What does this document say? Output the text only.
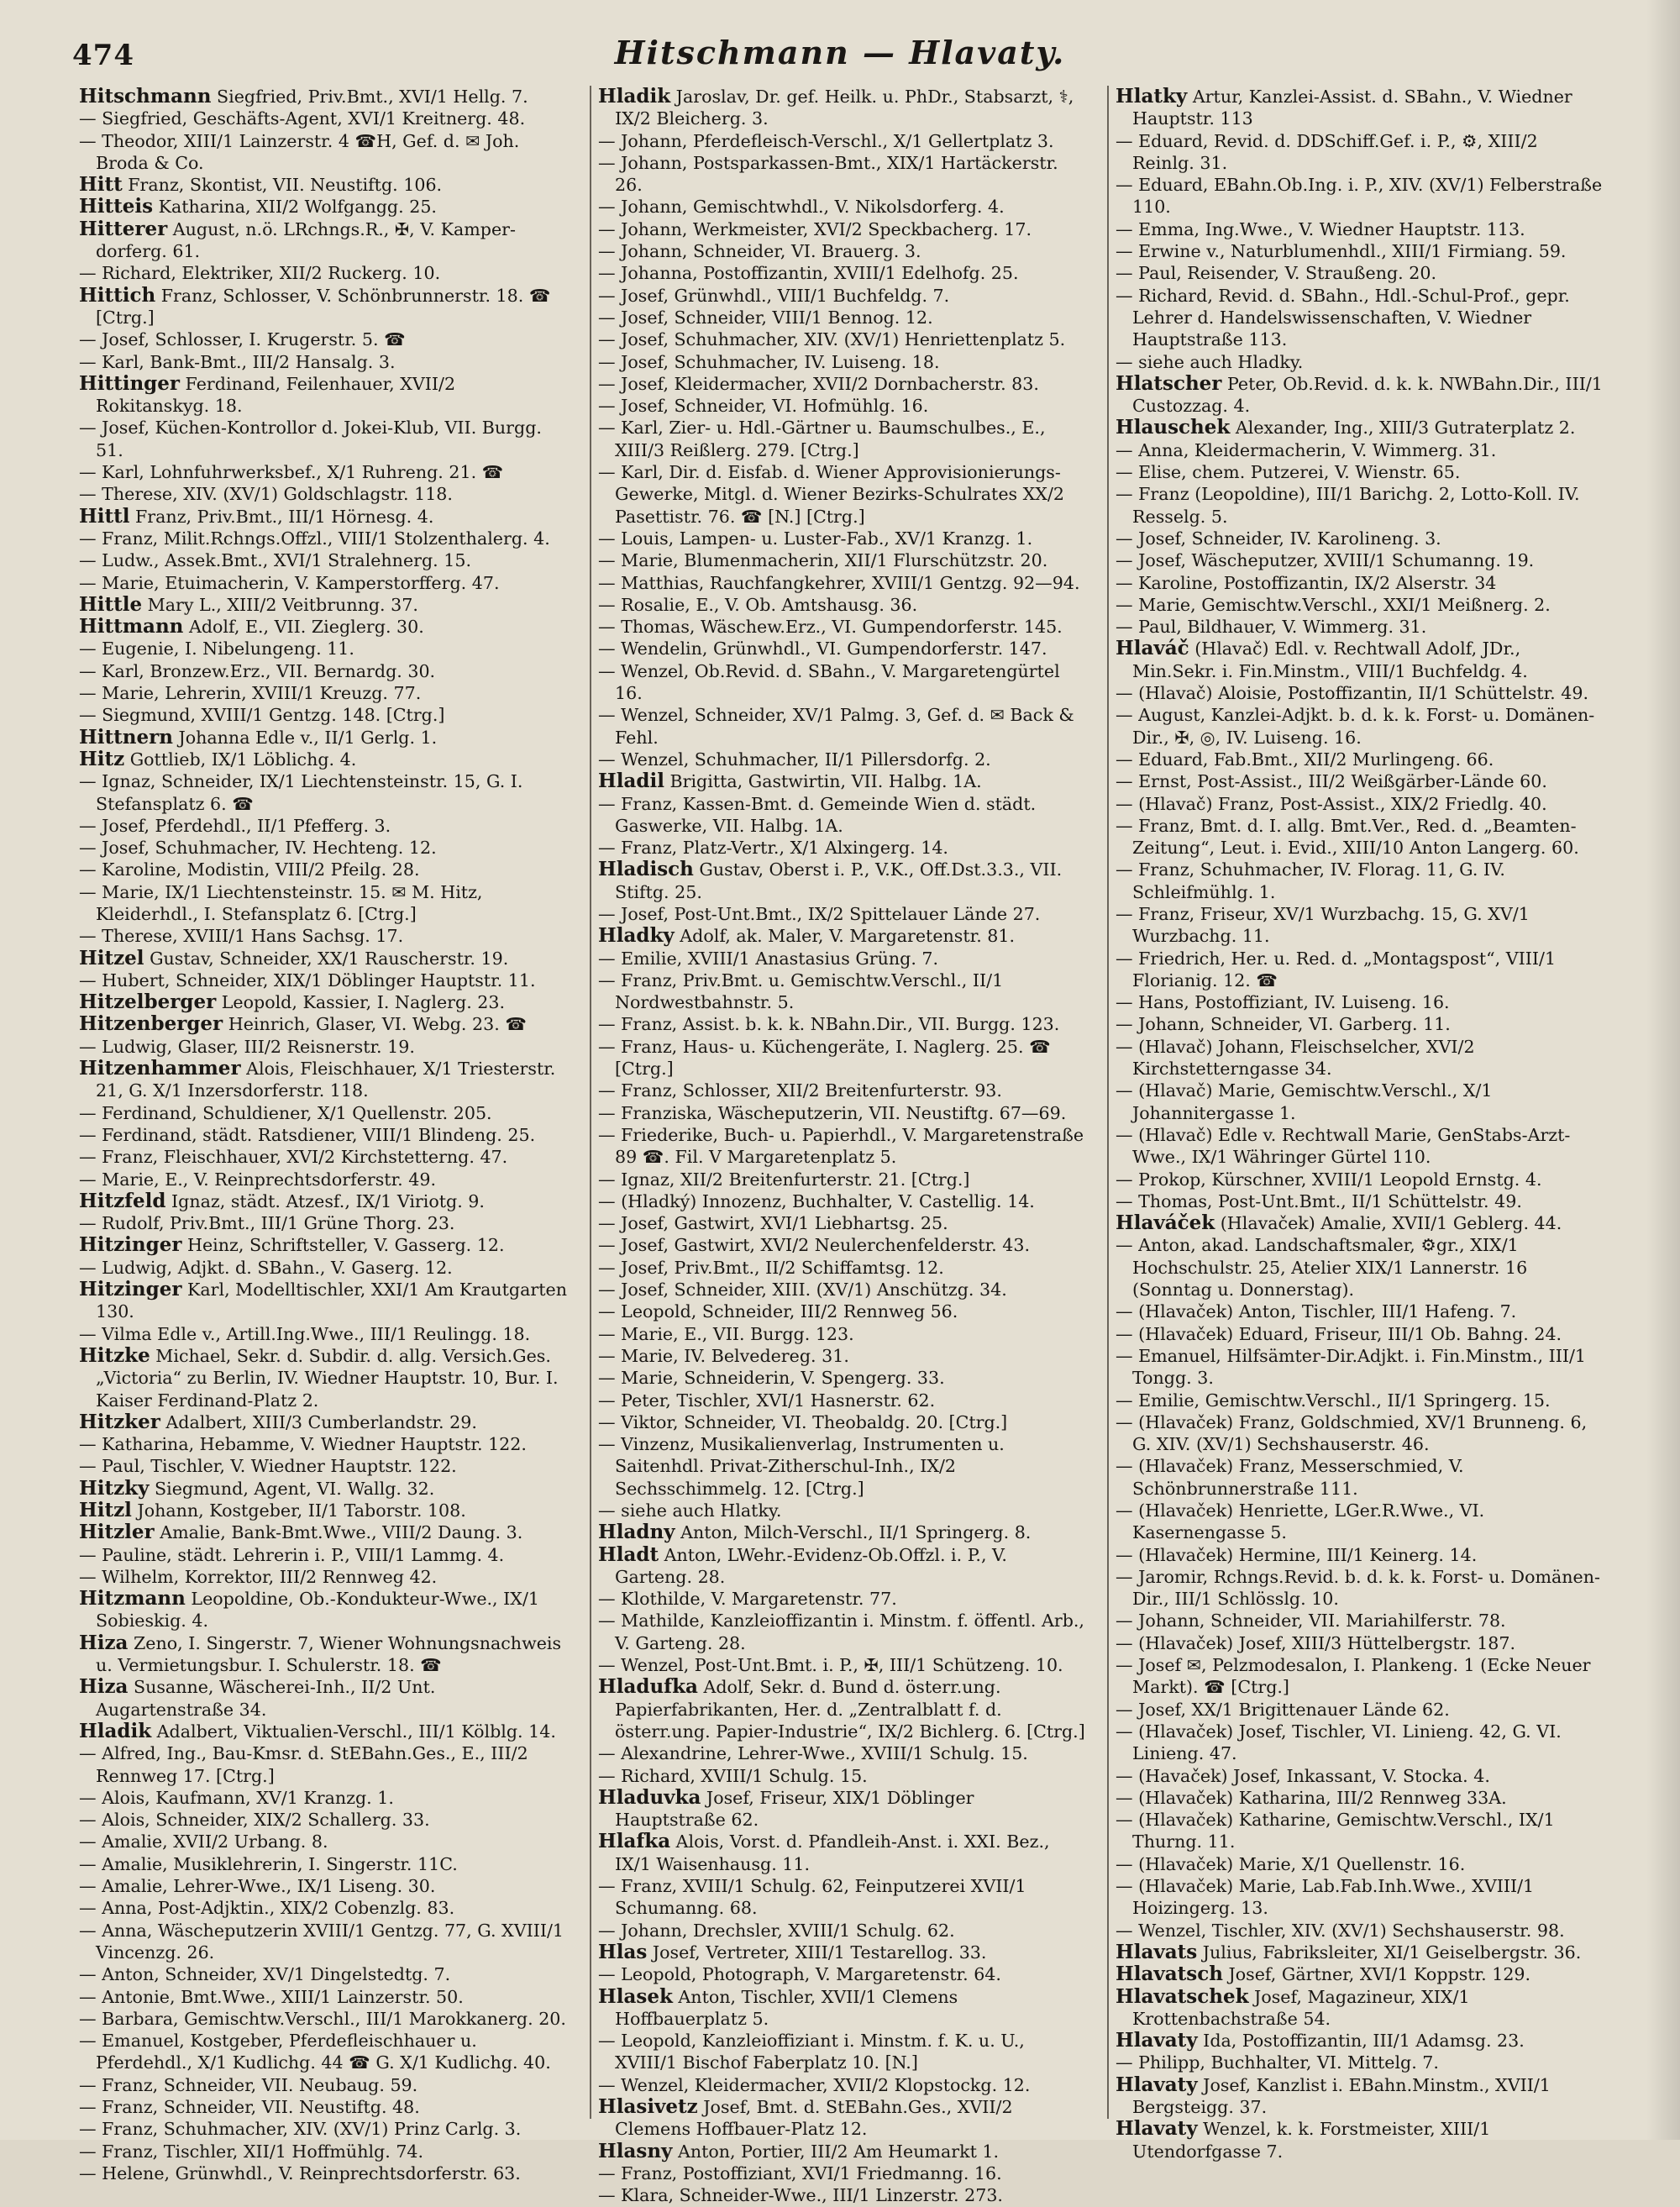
474	Hitschmann — Hlavaty.
Hitschmann Siegfried, Priv.Bmt., XVI/1 Hellg. 7.
— Siegfried, Geschäfts-Agent, XVI/1 Kreitnerg. 48.
— Theodor, XIII/1 Lainzerstr. 4 ☎H, Gef. d. ✉ Joh. Broda & Co.
Hitt Franz, Skontist, VII. Neustiftg. 106.
Hitteis Katharina, XII/2 Wolfgangg. 25.
Hitterer August, n.ö. LRchngs.R., ✠, V. Kamper-dorferg. 61.
— Richard, Elektriker, XII/2 Ruckerg. 10.
Hittich Franz, Schlosser, V. Schönbrunnerstr. 18. ☎ [Ctrg.]
— Josef, Schlosser, I. Krugerstr. 5. ☎
— Karl, Bank-Bmt., III/2 Hansalg. 3.
Hittinger Ferdinand, Feilenhauer, XVII/2 Rokitanskyg. 18.
— Josef, Küchen-Kontrollor d. Jokei-Klub, VII. Burgg. 51.
— Karl, Lohnfuhrwerksbef., X/1 Ruhreng. 21. ☎
— Therese, XIV. (XV/1) Goldschlagstr. 118.
Hittl Franz, Priv.Bmt., III/1 Hörnesg. 4.
— Franz, Milit.Rchngs.Offzl., VIII/1 Stolzenthalerg. 4.
— Ludw., Assek.Bmt., XVI/1 Stralehnerg. 15.
— Marie, Etuimacherin, V. Kamperstorfferg. 47.
Hittle Mary L., XIII/2 Veitbrunng. 37.
Hittmann Adolf, E., VII. Zieglerg. 30.
— Eugenie, I. Nibelungeng. 11.
— Karl, Bronzew.Erz., VII. Bernardg. 30.
— Marie, Lehrerin, XVIII/1 Kreuzg. 77.
— Siegmund, XVIII/1 Gentzg. 148. [Ctrg.]
Hittnern Johanna Edle v., II/1 Gerlg. 1.
Hitz Gottlieb, IX/1 Löblichg. 4.
— Ignaz, Schneider, IX/1 Liechtensteinstr. 15, G. I. Stefansplatz 6. ☎
— Josef, Pferdehdl., II/1 Pfefferg. 3.
— Josef, Schuhmacher, IV. Hechteng. 12.
— Karoline, Modistin, VIII/2 Pfeilg. 28.
— Marie, IX/1 Liechtensteinstr. 15. ✉ M. Hitz, Kleiderhdl., I. Stefansplatz 6. [Ctrg.]
— Therese, XVIII/1 Hans Sachsg. 17.
Hitzel Gustav, Schneider, XX/1 Rauscherstr. 19.
— Hubert, Schneider, XIX/1 Döblinger Hauptstr. 11.
Hitzelberger Leopold, Kassier, I. Naglerg. 23.
Hitzenberger Heinrich, Glaser, VI. Webg. 23. ☎
— Ludwig, Glaser, III/2 Reisnerstr. 19.
Hitzenhammer Alois, Fleischhauer, X/1 Triesterstr. 21, G. X/1 Inzersdorferstr. 118.
— Ferdinand, Schuldiener, X/1 Quellenstr. 205.
— Ferdinand, städt. Ratsdiener, VIII/1 Blindeng. 25.
— Franz, Fleischhauer, XVI/2 Kirchstetterng. 47.
— Marie, E., V. Reinprechtsdorferstr. 49.
Hitzfeld Ignaz, städt. Atzesf., IX/1 Viriotg. 9.
— Rudolf, Priv.Bmt., III/1 Grüne Thorg. 23.
Hitzinger Heinz, Schriftsteller, V. Gasserg. 12.
— Ludwig, Adjkt. d. SBahn., V. Gaserg. 12.
Hitzinger Karl, Modelltischler, XXI/1 Am Krautgarten 130.
— Vilma Edle v., Artill.Ing.Wwe., III/1 Reulingg. 18.
Hitzke Michael, Sekr. d. Subdir. d. allg. Versich.Ges. „Victoria“ zu Berlin, IV. Wiedner Hauptstr. 10, Bur. I. Kaiser Ferdinand-Platz 2.
Hitzker Adalbert, XIII/3 Cumberlandstr. 29.
— Katharina, Hebamme, V. Wiedner Hauptstr. 122.
— Paul, Tischler, V. Wiedner Hauptstr. 122.
Hitzky Siegmund, Agent, VI. Wallg. 32.
Hitzl Johann, Kostgeber, II/1 Taborstr. 108.
Hitzler Amalie, Bank-Bmt.Wwe., VIII/2 Daung. 3.
— Pauline, städt. Lehrerin i. P., VIII/1 Lammg. 4.
— Wilhelm, Korrektor, III/2 Rennweg 42.
Hitzmann Leopoldine, Ob.-Kondukteur-Wwe., IX/1 Sobieskig. 4.
Hiza Zeno, I. Singerstr. 7, Wiener Wohnungsnachweis u. Vermietungsbur. I. Schulerstr. 18. ☎
Hiza Susanne, Wäscherei-Inh., II/2 Unt. Augartenstraße 34.
Hladik Adalbert, Viktualien-Verschl., III/1 Kölblg. 14.
— Alfred, Ing., Bau-Kmsr. d. StEBahn.Ges., E., III/2 Rennweg 17. [Ctrg.]
— Alois, Kaufmann, XV/1 Kranzg. 1.
— Alois, Schneider, XIX/2 Schallerg. 33.
— Amalie, XVII/2 Urbang. 8.
— Amalie, Musiklehrerin, I. Singerstr. 11C.
— Amalie, Lehrer-Wwe., IX/1 Liseng. 30.
— Anna, Post-Adjktin., XIX/2 Cobenzlg. 83.
— Anna, Wäscheputzerin XVIII/1 Gentzg. 77, G. XVIII/1 Vincenzg. 26.
— Anton, Schneider, XV/1 Dingelstedtg. 7.
— Antonie, Bmt.Wwe., XIII/1 Lainzerstr. 50.
— Barbara, Gemischtw.Verschl., III/1 Marokkanerg. 20.
— Emanuel, Kostgeber, Pferdefleischhauer u. Pferdehdl., X/1 Kudlichg. 44 ☎ G. X/1 Kudlichg. 40.
— Franz, Schneider, VII. Neubaug. 59.
— Franz, Schneider, VII. Neustiftg. 48.
— Franz, Schuhmacher, XIV. (XV/1) Prinz Carlg. 3.
— Franz, Tischler, XII/1 Hoffmühlg. 74.
— Helene, Grünwhdl., V. Reinprechtsdorferstr. 63.
Hladik Jaroslav, Dr. gef. Heilk. u. PhDr., Stabsarzt, ⚕, IX/2 Bleicherg. 3.
— Johann, Pferdefleisch-Verschl., X/1 Gellertplatz 3.
— Johann, Postsparkassen-Bmt., XIX/1 Hartäckerstr. 26.
— Johann, Gemischtwhdl., V. Nikolsdorferg. 4.
— Johann, Werkmeister, XVI/2 Speckbacherg. 17.
— Johann, Schneider, VI. Brauerg. 3.
— Johanna, Postoffizantin, XVIII/1 Edelhofg. 25.
— Josef, Grünwhdl., VIII/1 Buchfeldg. 7.
— Josef, Schneider, VIII/1 Bennog. 12.
— Josef, Schuhmacher, XIV. (XV/1) Henriettenplatz 5.
— Josef, Schuhmacher, IV. Luiseng. 18.
— Josef, Kleidermacher, XVII/2 Dornbacherstr. 83.
— Josef, Schneider, VI. Hofmühlg. 16.
— Karl, Zier- u. Hdl.-Gärtner u. Baumschulbes., E., XIII/3 Reißlerg. 279. [Ctrg.]
— Karl, Dir. d. Eisfab. d. Wiener Approvisionierungs-Gewerke, Mitgl. d. Wiener Bezirks-Schulrates XX/2 Pasettistr. 76. ☎ [N.] [Ctrg.]
— Louis, Lampen- u. Luster-Fab., XV/1 Kranzg. 1.
— Marie, Blumenmacherin, XII/1 Flurschützstr. 20.
— Matthias, Rauchfangkehrer, XVIII/1 Gentzg. 92—94.
— Rosalie, E., V. Ob. Amtshausg. 36.
— Thomas, Wäschew.Erz., VI. Gumpendorferstr. 145.
— Wendelin, Grünwhdl., VI. Gumpendorferstr. 147.
— Wenzel, Ob.Revid. d. SBahn., V. Margaretengürtel 16.
— Wenzel, Schneider, XV/1 Palmg. 3, Gef. d. ✉ Back & Fehl.
— Wenzel, Schuhmacher, II/1 Pillersdorfg. 2.
Hladil Brigitta, Gastwirtin, VII. Halbg. 1A.
— Franz, Kassen-Bmt. d. Gemeinde Wien d. städt. Gaswerke, VII. Halbg. 1A.
— Franz, Platz-Vertr., X/1 Alxingerg. 14.
Hladisch Gustav, Oberst i. P., V.K., Off.Dst.3.3., VII. Stiftg. 25.
— Josef, Post-Unt.Bmt., IX/2 Spittelauer Lände 27.
Hladky Adolf, ak. Maler, V. Margaretenstr. 81.
— Emilie, XVIII/1 Anastasius Grüng. 7.
— Franz, Priv.Bmt. u. Gemischtw.Verschl., II/1 Nordwestbahnstr. 5.
— Franz, Assist. b. k. k. NBahn.Dir., VII. Burgg. 123.
— Franz, Haus- u. Küchengeräte, I. Naglerg. 25. ☎ [Ctrg.]
— Franz, Schlosser, XII/2 Breitenfurterstr. 93.
— Franziska, Wäscheputzerin, VII. Neustiftg. 67—69.
— Friederike, Buch- u. Papierhdl., V. Margaretenstraße 89 ☎. Fil. V Margaretenplatz 5.
— Ignaz, XII/2 Breitenfurterstr. 21. [Ctrg.]
— (Hladký) Innozenz, Buchhalter, V. Castellig. 14.
— Josef, Gastwirt, XVI/1 Liebhartsg. 25.
— Josef, Gastwirt, XVI/2 Neulerchenfelderstr. 43.
— Josef, Priv.Bmt., II/2 Schiffamtsg. 12.
— Josef, Schneider, XIII. (XV/1) Anschützg. 34.
— Leopold, Schneider, III/2 Rennweg 56.
— Marie, E., VII. Burgg. 123.
— Marie, IV. Belvedereg. 31.
— Marie, Schneiderin, V. Spengerg. 33.
— Peter, Tischler, XVI/1 Hasnerstr. 62.
— Viktor, Schneider, VI. Theobaldg. 20. [Ctrg.]
— Vinzenz, Musikalienverlag, Instrumenten u. Saitenhdl. Privat-Zitherschul-Inh., IX/2 Sechsschimmelg. 12. [Ctrg.]
— siehe auch Hlatky.
Hladny Anton, Milch-Verschl., II/1 Springerg. 8.
Hladt Anton, LWehr.-Evidenz-Ob.Offzl. i. P., V. Garteng. 28.
— Klothilde, V. Margaretenstr. 77.
— Mathilde, Kanzleioffizantin i. Minstm. f. öffentl. Arb., V. Garteng. 28.
— Wenzel, Post-Unt.Bmt. i. P., ✠, III/1 Schützeng. 10.
Hladufka Adolf, Sekr. d. Bund d. österr.ung. Papierfabrikanten, Her. d. „Zentralblatt f. d. österr.ung. Papier-Industrie“, IX/2 Bichlerg. 6. [Ctrg.]
— Alexandrine, Lehrer-Wwe., XVIII/1 Schulg. 15.
— Richard, XVIII/1 Schulg. 15.
Hladuvka Josef, Friseur, XIX/1 Döblinger Hauptstraße 62.
Hlafka Alois, Vorst. d. Pfandleih-Anst. i. XXI. Bez., IX/1 Waisenhausg. 11.
— Franz, XVIII/1 Schulg. 62, Feinputzerei XVII/1 Schumanng. 68.
— Johann, Drechsler, XVIII/1 Schulg. 62.
Hlas Josef, Vertreter, XIII/1 Testarellog. 33.
— Leopold, Photograph, V. Margaretenstr. 64.
Hlasek Anton, Tischler, XVII/1 Clemens Hoffbauerplatz 5.
— Leopold, Kanzleioffiziant i. Minstm. f. K. u. U., XVIII/1 Bischof Faberplatz 10. [N.]
— Wenzel, Kleidermacher, XVII/2 Klopstockg. 12.
Hlasivetz Josef, Bmt. d. StEBahn.Ges., XVII/2 Clemens Hoffbauer-Platz 12.
Hlasny Anton, Portier, III/2 Am Heumarkt 1.
— Franz, Postoffiziant, XVI/1 Friedmanng. 16.
— Klara, Schneider-Wwe., III/1 Linzerstr. 273.
Hlatky Artur, Kanzlei-Assist. d. SBahn., V. Wiedner Hauptstr. 113
— Eduard, Revid. d. DDSchiff.Gef. i. P., ⚙, XIII/2 Reinlg. 31.
— Eduard, EBahn.Ob.Ing. i. P., XIV. (XV/1) Felberstraße 110.
— Emma, Ing.Wwe., V. Wiedner Hauptstr. 113.
— Erwine v., Naturblumenhdl., XIII/1 Firmiang. 59.
— Paul, Reisender, V. Straußeng. 20.
— Richard, Revid. d. SBahn., Hdl.-Schul-Prof., gepr. Lehrer d. Handelswissenschaften, V. Wiedner Hauptstraße 113.
— siehe auch Hladky.
Hlatscher Peter, Ob.Revid. d. k. k. NWBahn.Dir., III/1 Custozzag. 4.
Hlauschek Alexander, Ing., XIII/3 Gutraterplatz 2.
— Anna, Kleidermacherin, V. Wimmerg. 31.
— Elise, chem. Putzerei, V. Wienstr. 65.
— Franz (Leopoldine), III/1 Barichg. 2, Lotto-Koll. IV. Resselg. 5.
— Josef, Schneider, IV. Karolineng. 3.
— Josef, Wäscheputzer, XVIII/1 Schumanng. 19.
— Karoline, Postoffizantin, IX/2 Alserstr. 34
— Marie, Gemischtw.Verschl., XXI/1 Meißnerg. 2.
— Paul, Bildhauer, V. Wimmerg. 31.
Hlaváč (Hlavač) Edl. v. Rechtwall Adolf, JDr., Min.Sekr. i. Fin.Minstm., VIII/1 Buchfeldg. 4.
— (Hlavač) Aloisie, Postoffizantin, II/1 Schüttelstr. 49.
— August, Kanzlei-Adjkt. b. d. k. k. Forst- u. Domänen-Dir., ✠, ◎, IV. Luiseng. 16.
— Eduard, Fab.Bmt., XII/2 Murlingeng. 66.
— Ernst, Post-Assist., III/2 Weißgärber-Lände 60.
— (Hlavač) Franz, Post-Assist., XIX/2 Friedlg. 40.
— Franz, Bmt. d. I. allg. Bmt.Ver., Red. d. „Beamten-Zeitung“, Leut. i. Evid., XIII/10 Anton Langerg. 60.
— Franz, Schuhmacher, IV. Florag. 11, G. IV. Schleifmühlg. 1.
— Franz, Friseur, XV/1 Wurzbachg. 15, G. XV/1 Wurzbachg. 11.
— Friedrich, Her. u. Red. d. „Montagspost“, VIII/1 Florianig. 12. ☎
— Hans, Postoffiziant, IV. Luiseng. 16.
— Johann, Schneider, VI. Garberg. 11.
— (Hlavač) Johann, Fleischselcher, XVI/2 Kirchstetterngasse 34.
— (Hlavač) Marie, Gemischtw.Verschl., X/1 Johannitergasse 1.
— (Hlavač) Edle v. Rechtwall Marie, GenStabs-Arzt-Wwe., IX/1 Währinger Gürtel 110.
— Prokop, Kürschner, XVIII/1 Leopold Ernstg. 4.
— Thomas, Post-Unt.Bmt., II/1 Schüttelstr. 49.
Hlaváček (Hlavaček) Amalie, XVII/1 Geblerg. 44.
— Anton, akad. Landschaftsmaler, ⚙gr., XIX/1 Hochschulstr. 25, Atelier XIX/1 Lannerstr. 16 (Sonntag u. Donnerstag).
— (Hlavaček) Anton, Tischler, III/1 Hafeng. 7.
— (Hlavaček) Eduard, Friseur, III/1 Ob. Bahng. 24.
— Emanuel, Hilfsämter-Dir.Adjkt. i. Fin.Minstm., III/1 Tongg. 3.
— Emilie, Gemischtw.Verschl., II/1 Springerg. 15.
— (Hlavaček) Franz, Goldschmied, XV/1 Brunneng. 6, G. XIV. (XV/1) Sechshauserstr. 46.
— (Hlavaček) Franz, Messerschmied, V. Schönbrunnerstraße 111.
— (Hlavaček) Henriette, LGer.R.Wwe., VI. Kasernengasse 5.
— (Hlavaček) Hermine, III/1 Keinerg. 14.
— Jaromir, Rchngs.Revid. b. d. k. k. Forst- u. Domänen-Dir., III/1 Schlösslg. 10.
— Johann, Schneider, VII. Mariahilferstr. 78.
— (Hlavaček) Josef, XIII/3 Hüttelbergstr. 187.
— Josef ✉, Pelzmodesalon, I. Plankeng. 1 (Ecke Neuer Markt). ☎ [Ctrg.]
— Josef, XX/1 Brigittenauer Lände 62.
— (Hlavaček) Josef, Tischler, VI. Linieng. 42, G. VI. Linieng. 47.
— (Havaček) Josef, Inkassant, V. Stocka. 4.
— (Hlavaček) Katharina, III/2 Rennweg 33A.
— (Hlavaček) Katharine, Gemischtw.Verschl., IX/1 Thurng. 11.
— (Hlavaček) Marie, X/1 Quellenstr. 16.
— (Hlavaček) Marie, Lab.Fab.Inh.Wwe., XVIII/1 Hoizingerg. 13.
— Wenzel, Tischler, XIV. (XV/1) Sechshauserstr. 98.
Hlavats Julius, Fabriksleiter, XI/1 Geiselbergstr. 36.
Hlavatsch Josef, Gärtner, XVI/1 Koppstr. 129.
Hlavatschek Josef, Magazineur, XIX/1 Krottenbachstraße 54.
Hlavaty Ida, Postoffizantin, III/1 Adamsg. 23.
— Philipp, Buchhalter, VI. Mittelg. 7.
Hlavaty Josef, Kanzlist i. EBahn.Minstm., XVII/1 Bergsteigg. 37.
Hlavaty Wenzel, k. k. Forstmeister, XIII/1 Utendorfgasse 7.
